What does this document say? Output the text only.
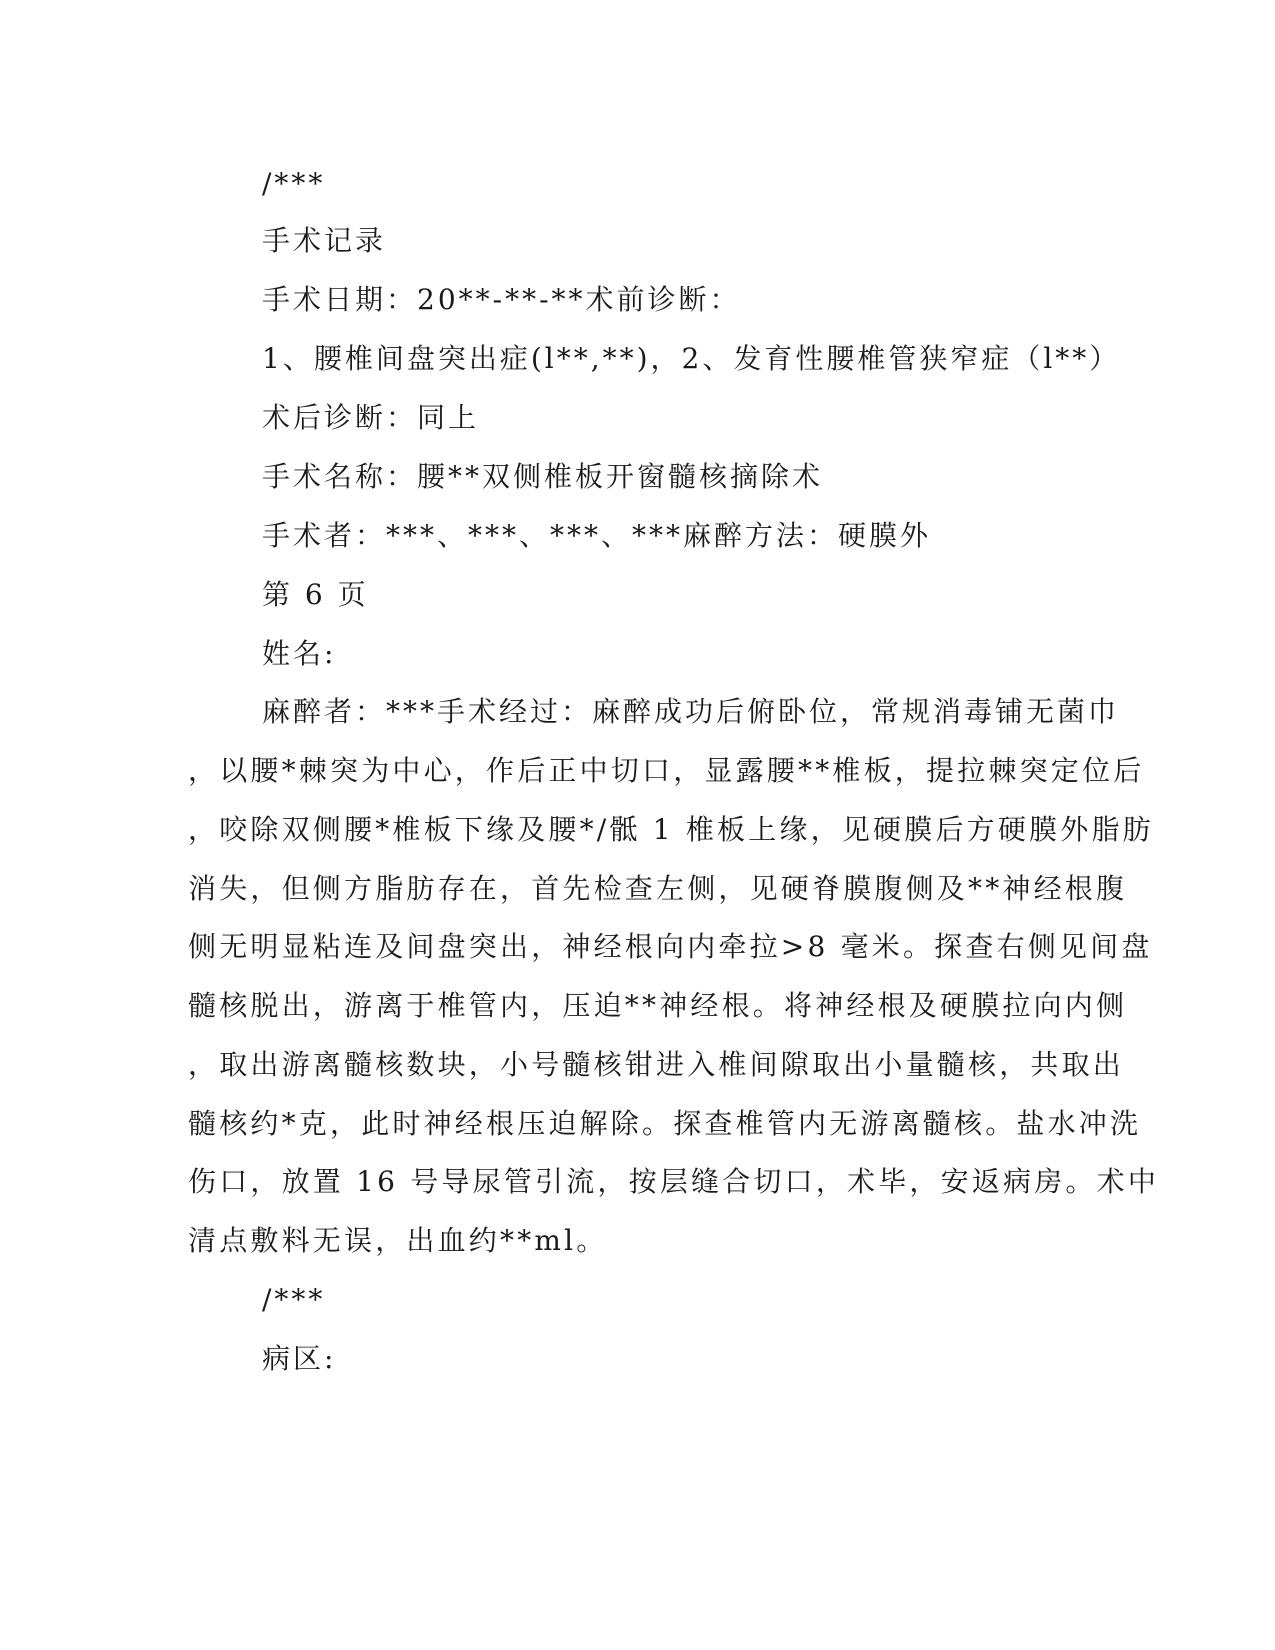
/***
手术记录
手术日期：20**-**-**术前诊断：
1、腰椎间盘突出症(l**,**)，2、发育性腰椎管狭窄症（l**）
术后诊断：同上
手术名称：腰**双侧椎板开窗髓核摘除术
手术者：***、***、***、***麻醉方法：硬膜外
第 6 页
姓名:
麻醉者：***手术经过：麻醉成功后俯卧位，常规消毒铺无菌巾
，以腰*棘突为中心，作后正中切口，显露腰**椎板，提拉棘突定位后
，咬除双侧腰*椎板下缘及腰*/骶 1 椎板上缘，见硬膜后方硬膜外脂肪
消失，但侧方脂肪存在，首先检查左侧，见硬脊膜腹侧及**神经根腹
侧无明显粘连及间盘突出，神经根向内牵拉>8 毫米。探查右侧见间盘
髓核脱出，游离于椎管内，压迫**神经根。将神经根及硬膜拉向内侧
，取出游离髓核数块，小号髓核钳进入椎间隙取出小量髓核，共取出
髓核约*克，此时神经根压迫解除。探查椎管内无游离髓核。盐水冲洗
伤口，放置 16 号导尿管引流，按层缝合切口，术毕，安返病房。术中
清点敷料无误，出血约**ml。
/***
病区:
